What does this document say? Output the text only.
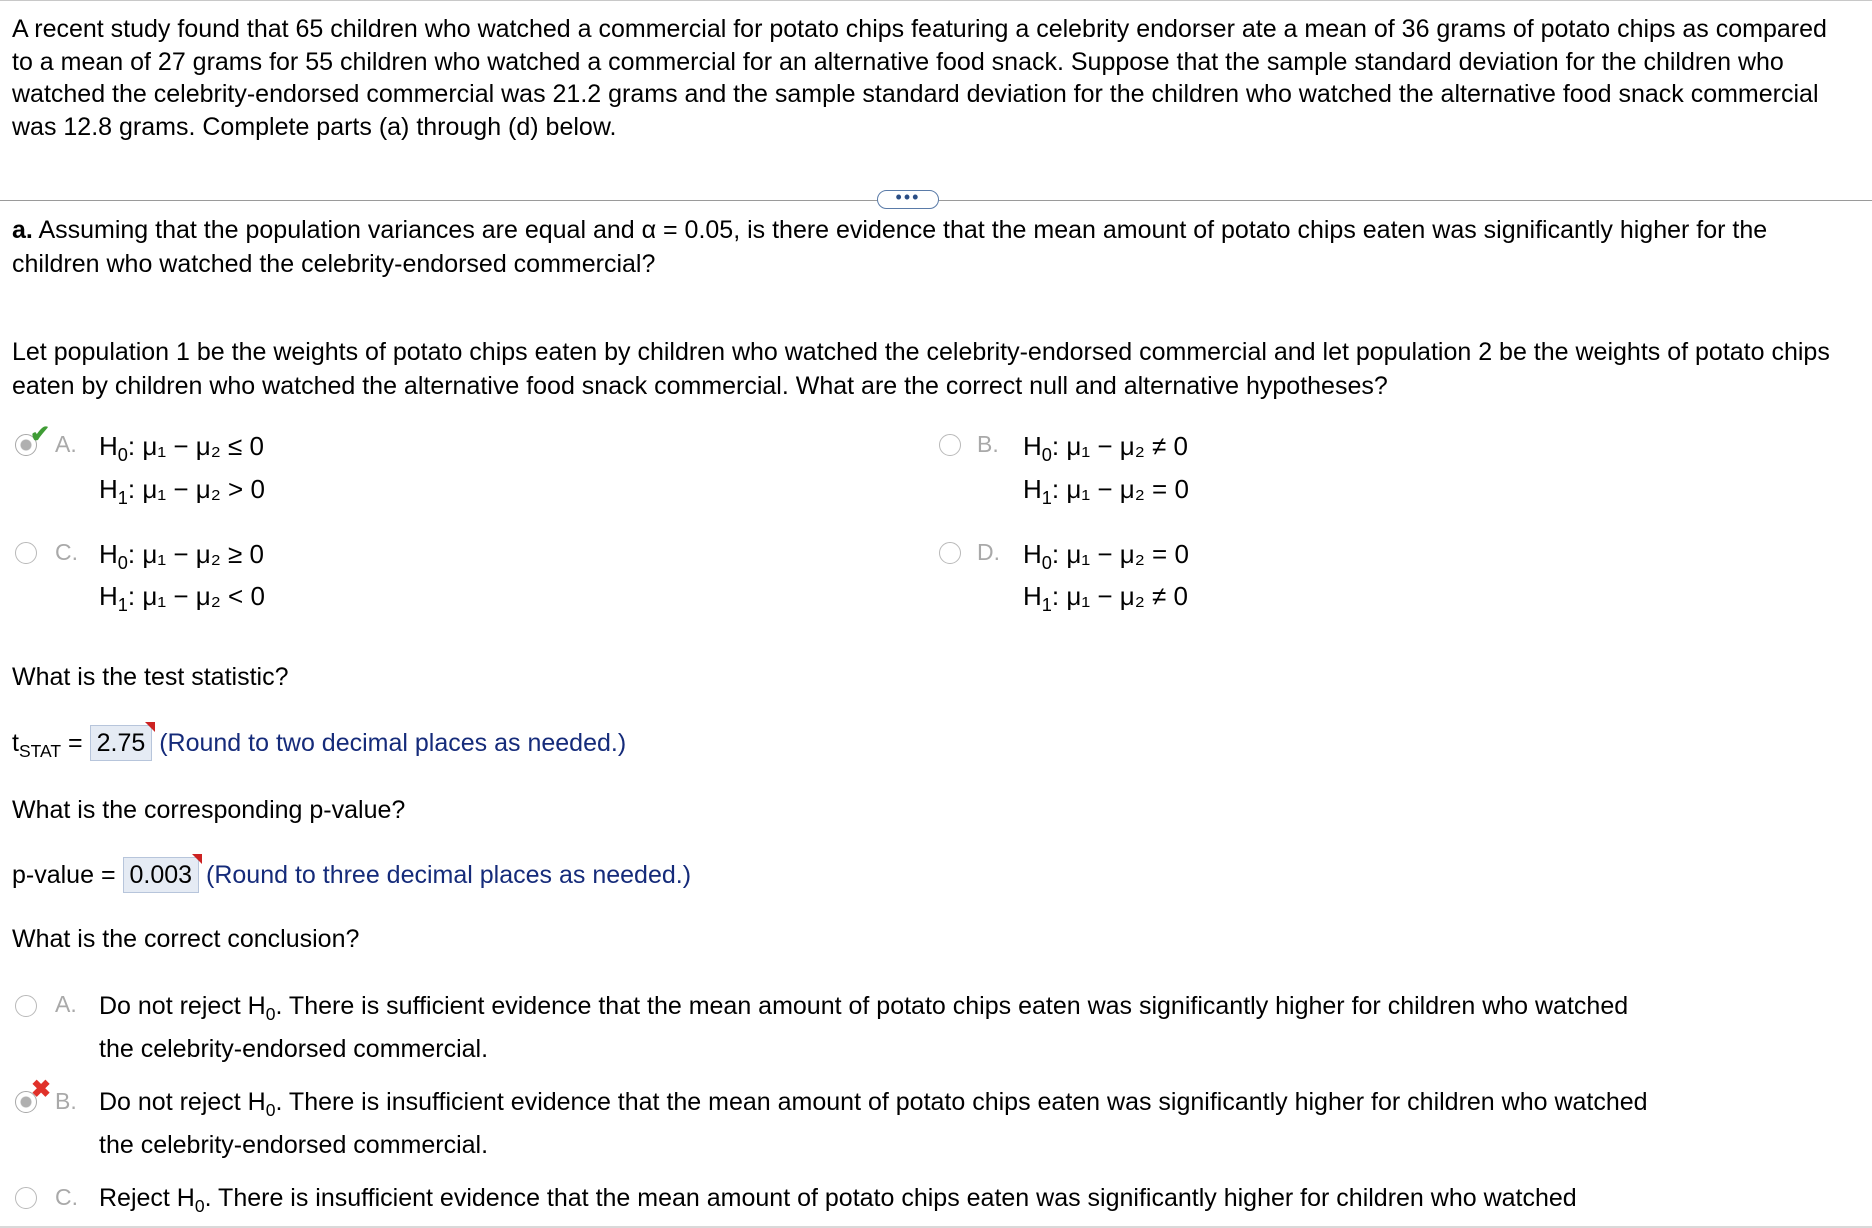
A recent study found that 65 children who watched a commercial for potato chips featuring a celebrity endorser ate a mean of 36 grams of potato chips as compared to a mean of 27 grams for 55 children who watched a commercial for an alternative food snack. Suppose that the sample standard deviation for the children who watched the celebrity-endorsed commercial was 21.2 grams and the sample standard deviation for the children who watched the alternative food snack commercial was 12.8 grams. Complete parts (a) through (d) below.
•••
a. Assuming that the population variances are equal and α = 0.05, is there evidence that the mean amount of potato chips eaten was significantly higher for the children who watched the celebrity-endorsed commercial?
Let population 1 be the weights of potato chips eaten by children who watched the celebrity-endorsed commercial and let population 2 be the weights of potato chips eaten by children who watched the alternative food snack commercial. What are the correct null and alternative hypotheses?
✔ A. $H_0$: μ₁ − μ₂ ≤ 0
$H_1$: μ₁ − μ₂ > 0
B. $H_0$: μ₁ − μ₂ ≠ 0
$H_1$: μ₁ − μ₂ = 0
C. $H_0$: μ₁ − μ₂ ≥ 0
$H_1$: μ₁ − μ₂ < 0
D. $H_0$: μ₁ − μ₂ = 0
$H_1$: μ₁ − μ₂ ≠ 0
What is the test statistic?
$t_{STAT} = 2.75$ (Round to two decimal places as needed.)
What is the corresponding p-value?
p-value = 0.003 (Round to three decimal places as needed.)
What is the correct conclusion?
A. Do not reject $H_0$. There is sufficient evidence that the mean amount of potato chips eaten was significantly higher for children who watched
the celebrity-endorsed commercial.
✖ B. Do not reject $H_0$. There is insufficient evidence that the mean amount of potato chips eaten was significantly higher for children who watched
the celebrity-endorsed commercial.
C. Reject $H_0$. There is insufficient evidence that the mean amount of potato chips eaten was significantly higher for children who watched
